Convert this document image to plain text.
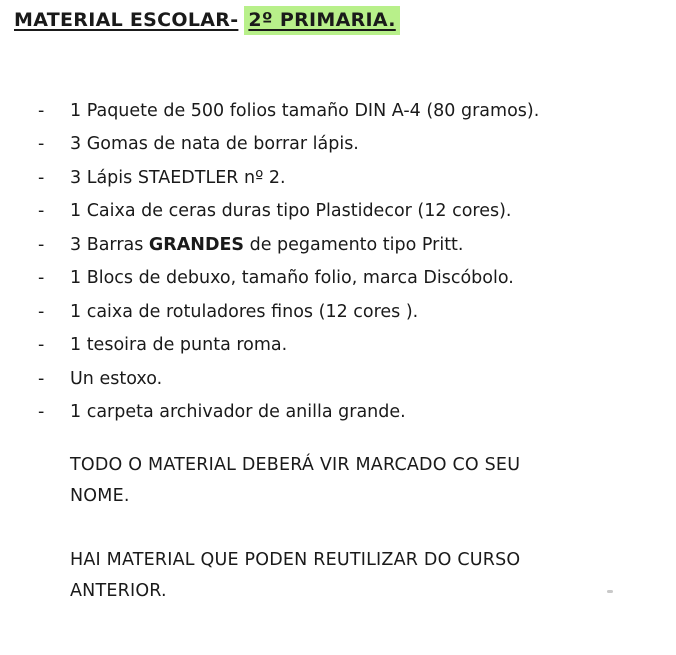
MATERIAL ESCOLAR- 2º PRIMARIA.
-	1 Paquete de 500 folios tamaño DIN A-4 (80 gramos).
-	3 Gomas de nata de borrar lápis.
-	3 Lápis STAEDTLER nº 2.
-	1 Caixa de ceras duras tipo Plastidecor (12 cores).
-	3 Barras GRANDES de pegamento tipo Pritt.
-	1 Blocs de debuxo, tamaño folio, marca Discóbolo.
-	1 caixa de rotuladores finos (12 cores ).
-	1 tesoira de punta roma.
-	Un estoxo.
-	1 carpeta archivador de anilla grande.
TODO O MATERIAL DEBERÁ VIR MARCADO CO SEU
NOME.
HAI MATERIAL QUE PODEN REUTILIZAR DO CURSO
ANTERIOR.
